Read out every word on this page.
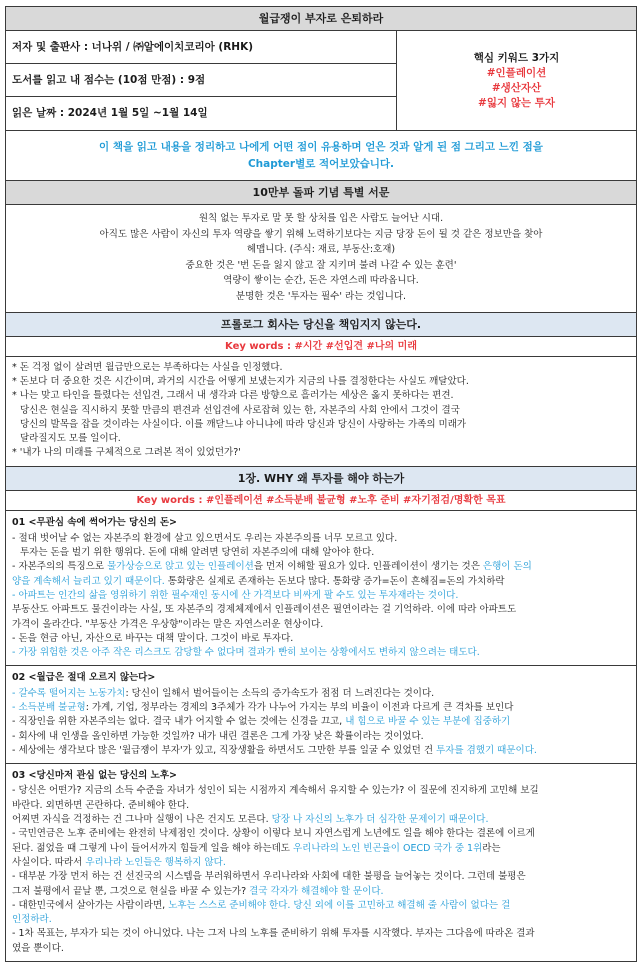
월급쟁이 부자로 은퇴하라
저자 및 출판사 : 너나위 / ㈜알에이치코리아 (RHK)
도서를 읽고 내 점수는 (10점 만점) : 9점
읽은 날짜 : 2024년 1월 5일 ~1월 14일
핵심 키워드 3가지
#인플레이션
#생산자산
#잃지 않는 투자
이 책을 읽고 내용을 정리하고 나에게 어떤 점이 유용하며 얻은 것과 알게 된 점 그리고 느낀 점을
Chapter별로 적어보았습니다.
10만부 돌파 기념 특별 서문
원칙 없는 투자로 말 못 할 상처를 입은 사람도 늘어난 시대.
아직도 많은 사람이 자신의 투자 역량을 쌓기 위해 노력하기보다는 지금 당장 돈이 될 것 같은 정보만을 찾아
헤맵니다. (주식: 재료, 부동산:호재)
중요한 것은 '번 돈을 잃지 않고 잘 지키며 불려 나갈 수 있는 훈련'
역량이 쌓이는 순간, 돈은 자연스레 따라옵니다.
분명한 것은 '투자는 필수' 라는 것입니다.
프롤로그 회사는 당신을 책임지지 않는다.
Key words : #시간 #선입견 #나의 미래

* 돈 걱정 없이 살려면 월급만으로는 부족하다는 사실을 인정했다.

* 돈보다 더 중요한 것은 시간이며, 과거의 시간을 어떻게 보냈는지가 지금의 나를 결정한다는 사실도 깨달았다.

* 나는 맞고 타인을 틀렸다는 선입견, 그래서 내 생각과 다른 방향으로 흘러가는 세상은 옳지 못하다는 편견.

당신은 현실을 직시하지 못할 만큼의 편견과 선입견에 사로잡혀 있는 한, 자본주의 사회 안에서 그것이 결국

당신의 발목을 잡을 것이라는 사실이다. 이를 깨닫느냐 아니냐에 따라 당신과 당신이 사랑하는 가족의 미래가

달라질지도 모를 일이다.

* '내가 나의 미래를 구체적으로 그려본 적이 있었던가?'

1장. WHY 왜 투자를 해야 하는가
Key words : #인플레이션 #소득분배 불균형 #노후 준비 #자기점검/명확한 목표

01 <무관심 속에 썩어가는 당신의 돈>

- 절대 벗어날 수 없는 자본주의 환경에 살고 있으면서도 우리는 자본주의를 너무 모르고 있다.

투자는 돈을 벌기 위한 행위다. 돈에 대해 알려면 당연히 자본주의에 대해 알아야 한다.

- 자본주의의 특징으로 물가상승으로 앉고 있는 인플레이션을 먼저 이해할 필요가 있다. 인플레이션이 생기는 것은 은행이 돈의

양을 계속해서 늘리고 있기 때문이다. 통화량은 실제로 존재하는 돈보다 많다. 통화량 증가=돈이 흔해짐=돈의 가치하락

- 아파트는 인간의 삶을 영위하기 위한 필수재인 동시에 산 가격보다 비싸게 팔 수도 있는 투자재라는 것이다.

부동산도 아파트도 물건이라는 사실, 또 자본주의 경제체제에서 인플레이션은 필연이라는 걸 기억하라. 이에 따라 아파트도

가격이 올라간다. "부동산 가격은 우상향"이라는 말은 자연스러운 현상이다.

- 돈을 현금 아닌, 자산으로 바꾸는 대책 말이다. 그것이 바로 투자다.

- 가장 위험한 것은 아주 작은 리스크도 감당할 수 없다며 결과가 빤히 보이는 상황에서도 변하지 않으려는 태도다.

02 <월급은 절대 오르지 않는다>

- 갈수록 떨어지는 노동가치: 당신이 일해서 벌어들이는 소득의 증가속도가 점점 더 느려진다는 것이다.

- 소득분배 불균형: 가계, 기업, 정부라는 경제의 3주체가 각가 나누어 가지는 부의 비율이 이전과 다르게 큰 격차를 보인다

- 직장인을 위한 자본주의는 없다. 결국 내가 어지할 수 없는 것에는 신경을 끄고, 내 힘으로 바꿀 수 있는 부분에 집중하기

- 회사에 내 인생을 올인하면 가능한 것일까? 내가 내린 결론은 그게 가장 낮은 확률이라는 것이었다.

- 세상에는 생각보다 많은 '월급쟁이 부자'가 있고, 직장생활을 하면서도 그만한 부를 일굴 수 있었던 건 투자를 겸했기 때문이다.

03 <당신마저 관심 없는 당신의 노후>

- 당신은 어떤가? 지금의 소득 수준을 자녀가 성인이 되는 시점까지 계속해서 유지할 수 있는가? 이 질문에 진지하게 고민해 보길

바란다. 외면하면 곤란하다. 준비해야 한다.

어찌면 자식을 걱정하는 건 그나마 실행이 나은 건지도 모른다. 당장 나 자신의 노후가 더 심각한 문제이기 때문이다.

- 국민연금은 노후 준비에는 완전히 낙제점인 것이다. 상황이 이렇다 보니 자연스럽게 노년에도 일을 해야 한다는 결론에 이르게

된다. 젊었을 때 그렇게 나이 들어서까지 힘들게 일을 해야 하는데도 우리나라의 노인 빈곤율이 OECD 국가 중 1위라는

사실이다. 따라서 우리나라 노인들은 행복하지 않다.

- 대부분 가장 먼저 하는 건 선진국의 시스템을 부러워하면서 우리나라와 사회에 대한 불평을 늘어놓는 것이다. 그런데 불평은

그저 불평에서 끝날 뿐, 그것으로 현실을 바꿀 수 있는가? 결국 각자가 해결해야 할 문이다.

- 대한민국에서 살아가는 사람이라면, 노후는 스스로 준비해야 한다. 당신 외에 이를 고민하고 해결해 줄 사람이 없다는 걸

인정하라.

- 1차 목표는, 부자가 되는 것이 아니었다. 나는 그저 나의 노후를 준비하기 위해 투자를 시작했다. 부자는 그다음에 따라온 결과

였을 뿐이다.
